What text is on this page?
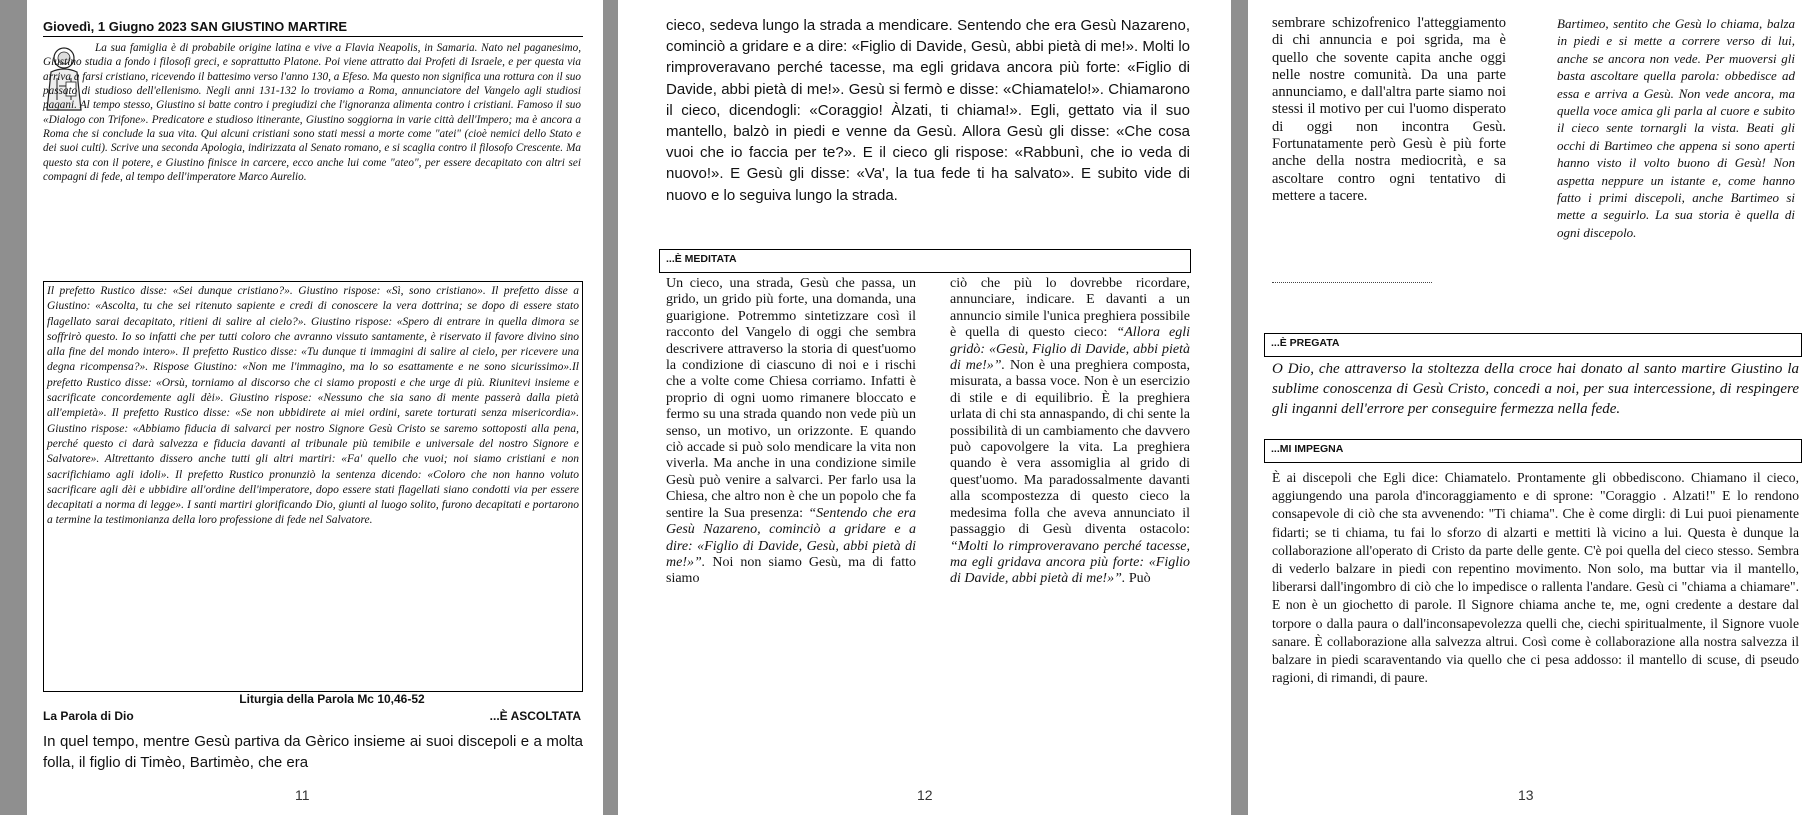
Giovedì, 1 Giugno 2023 SAN GIUSTINO MARTIRE
La sua famiglia è di probabile origine latina e vive a Flavia Neapolis, in Samaria. Nato nel paganesimo, Giustino studia a fondo i filosofi greci, e soprattutto Platone. Poi viene attratto dai Profeti di Israele, e per questa via arriva a farsi cristiano, ricevendo il battesimo verso l'anno 130, a Efeso. Ma questo non significa una rottura con il suo passato di studioso dell'ellenismo. Negli anni 131-132 lo troviamo a Roma, annunciatore del Vangelo agli studiosi pagani. Al tempo stesso, Giustino si batte contro i pregiudizi che l'ignoranza alimenta contro i cristiani. Famoso il suo «Dialogo con Trifone». Predicatore e studioso itinerante, Giustino soggiorna in varie città dell'Impero; ma è ancora a Roma che si conclude la sua vita. Qui alcuni cristiani sono stati messi a morte come "atei" (cioè nemici dello Stato e dei suoi culti). Scrive una seconda Apologia, indirizzata al Senato romano, e si scaglia contro il filosofo Crescente. Ma questo sta con il potere, e Giustino finisce in carcere, ecco anche lui come "ateo", per essere decapitato con altri sei compagni di fede, al tempo dell'imperatore Marco Aurelio.
Il prefetto Rustico disse: «Sei dunque cristiano?». Giustino rispose: «Sì, sono cristiano». Il prefetto disse a Giustino: «Ascolta, tu che sei ritenuto sapiente e credi di conoscere la vera dottrina; se dopo di essere stato flagellato sarai decapitato, ritieni di salire al cielo?». Giustino rispose: «Spero di entrare in quella dimora se soffrirò questo. Io so infatti che per tutti coloro che avranno vissuto santamente, è riservato il favore divino sino alla fine del mondo intero». Il prefetto Rustico disse: «Tu dunque ti immagini di salire al cielo, per ricevere una degna ricompensa?». Rispose Giustino: «Non me l'immagino, ma lo so esattamente e ne sono sicurissimo».Il prefetto Rustico disse: «Orsù, torniamo al discorso che ci siamo proposti e che urge di più. Riunitevi insieme e sacrificate concordemente agli dèi». Giustino rispose: «Nessuno che sia sano di mente passerà dalla pietà all'empietà». Il prefetto Rustico disse: «Se non ubbidirete ai miei ordini, sarete torturati senza misericordia». Giustino rispose: «Abbiamo fiducia di salvarci per nostro Signore Gesù Cristo se saremo sottoposti alla pena, perché questo ci darà salvezza e fiducia davanti al tribunale più temibile e universale del nostro Signore e Salvatore». Altrettanto dissero anche tutti gli altri martiri: «Fa' quello che vuoi; noi siamo cristiani e non sacrifichiamo agli idoli». Il prefetto Rustico pronunziò la sentenza dicendo: «Coloro che non hanno voluto sacrificare agli dèi e ubbidire all'ordine dell'imperatore, dopo essere stati flagellati siano condotti via per essere decapitati a norma di legge». I santi martiri glorificando Dio, giunti al luogo solito, furono decapitati e portarono a termine la testimonianza della loro professione di fede nel Salvatore.
Liturgia della Parola Mc 10,46-52
La Parola di Dio	...È ASCOLTATA
In quel tempo, mentre Gesù partiva da Gèrico insieme ai suoi discepoli e a molta folla, il figlio di Timèo, Bartimèo, che era
11
cieco, sedeva lungo la strada a mendicare. Sentendo che era Gesù Nazareno, cominciò a gridare e a dire: «Figlio di Davide, Gesù, abbi pietà di me!». Molti lo rimproveravano perché tacesse, ma egli gridava ancora più forte: «Figlio di Davide, abbi pietà di me!». Gesù si fermò e disse: «Chiamatelo!». Chiamarono il cieco, dicendogli: «Coraggio! Àlzati, ti chiama!». Egli, gettato via il suo mantello, balzò in piedi e venne da Gesù. Allora Gesù gli disse: «Che cosa vuoi che io faccia per te?». E il cieco gli rispose: «Rabbunì, che io veda di nuovo!». E Gesù gli disse: «Va', la tua fede ti ha salvato». E subito vide di nuovo e lo seguiva lungo la strada.
...È MEDITATA
Un cieco, una strada, Gesù che passa, un grido, un grido più forte, una domanda, una guarigione. Potremmo sintetizzare così il racconto del Vangelo di oggi che sembra descrivere attraverso la storia di quest'uomo la condizione di ciascuno di noi e i rischi che a volte come Chiesa corriamo. Infatti è proprio di ogni uomo rimanere bloccato e fermo su una strada quando non vede più un senso, un motivo, un orizzonte. E quando ciò accade si può solo mendicare la vita non viverla. Ma anche in una condizione simile Gesù può venire a salvarci. Per farlo usa la Chiesa, che altro non è che un popolo che fa sentire la Sua presenza: “Sentendo che era Gesù Nazareno, cominciò a gridare e a dire: «Figlio di Davide, Gesù, abbi pietà di me!»”. Noi non siamo Gesù, ma di fatto siamo
ciò che più lo dovrebbe ricordare, annunciare, indicare. E davanti a un annuncio simile l'unica preghiera possibile è quella di questo cieco: “Allora egli gridò: «Gesù, Figlio di Davide, abbi pietà di me!»”. Non è una preghiera composta, misurata, a bassa voce. Non è un esercizio di stile e di equilibrio. È la preghiera urlata di chi sta annaspando, di chi sente la possibilità di un cambiamento che davvero può capovolgere la vita. La preghiera quando è vera assomiglia al grido di quest'uomo. Ma paradossalmente davanti alla scompostezza di questo cieco la medesima folla che aveva annunciato il passaggio di Gesù diventa ostacolo: “Molti lo rimproveravano perché tacesse, ma egli gridava ancora più forte: «Figlio di Davide, abbi pietà di me!»”. Può
12
sembrare schizofrenico l'atteggiamento di chi annuncia e poi sgrida, ma è quello che sovente capita anche oggi nelle nostre comunità. Da una parte annunciamo, e dall'altra parte siamo noi stessi il motivo per cui l'uomo disperato di oggi non incontra Gesù. Fortunatamente però Gesù è più forte anche della nostra mediocrità, e sa ascoltare contro ogni tentativo di mettere a tacere.
Bartimeo, sentito che Gesù lo chiama, balza in piedi e si mette a correre verso di lui, anche se ancora non vede. Per muoversi gli basta ascoltare quella parola: obbedisce ad essa e arriva a Gesù. Non vede ancora, ma quella voce amica gli parla al cuore e subito il cieco sente tornargli la vista. Beati gli occhi di Bartimeo che appena si sono aperti hanno visto il volto buono di Gesù! Non aspetta neppure un istante e, come hanno fatto i primi discepoli, anche Bartimeo si mette a seguirlo. La sua storia è quella di ogni discepolo.
...È PREGATA
O Dio, che attraverso la stoltezza della croce hai donato al santo martire Giustino la sublime conoscenza di Gesù Cristo, concedi a noi, per sua intercessione, di respingere gli inganni dell'errore per conseguire fermezza nella fede.
...MI IMPEGNA
È ai discepoli che Egli dice: Chiamatelo. Prontamente gli obbediscono. Chiamano il cieco, aggiungendo una parola d'incoraggiamento e di sprone: "Coraggio . Alzati!" E lo rendono consapevole di ciò che sta avvenendo: "Ti chiama". Che è come dirgli: di Lui puoi pienamente fidarti; se ti chiama, tu fai lo sforzo di alzarti e mettiti là vicino a lui. Questa è dunque la collaborazione all'operato di Cristo da parte delle gente. C'è poi quella del cieco stesso. Sembra di vederlo balzare in piedi con repentino movimento. Non solo, ma buttar via il mantello, liberarsi dall'ingombro di ciò che lo impedisce o rallenta l'andare. Gesù ci "chiama a chiamare". E non è un giochetto di parole. Il Signore chiama anche te, me, ogni credente a destare dal torpore o dalla paura o dall'inconsapevolezza quelli che, ciechi spiritualmente, il Signore vuole sanare. È collaborazione alla salvezza altrui. Così come è collaborazione alla nostra salvezza il balzare in piedi scaraventando via quello che ci pesa addosso: il mantello di scuse, di pseudo ragioni, di rimandi, di paure.
13
